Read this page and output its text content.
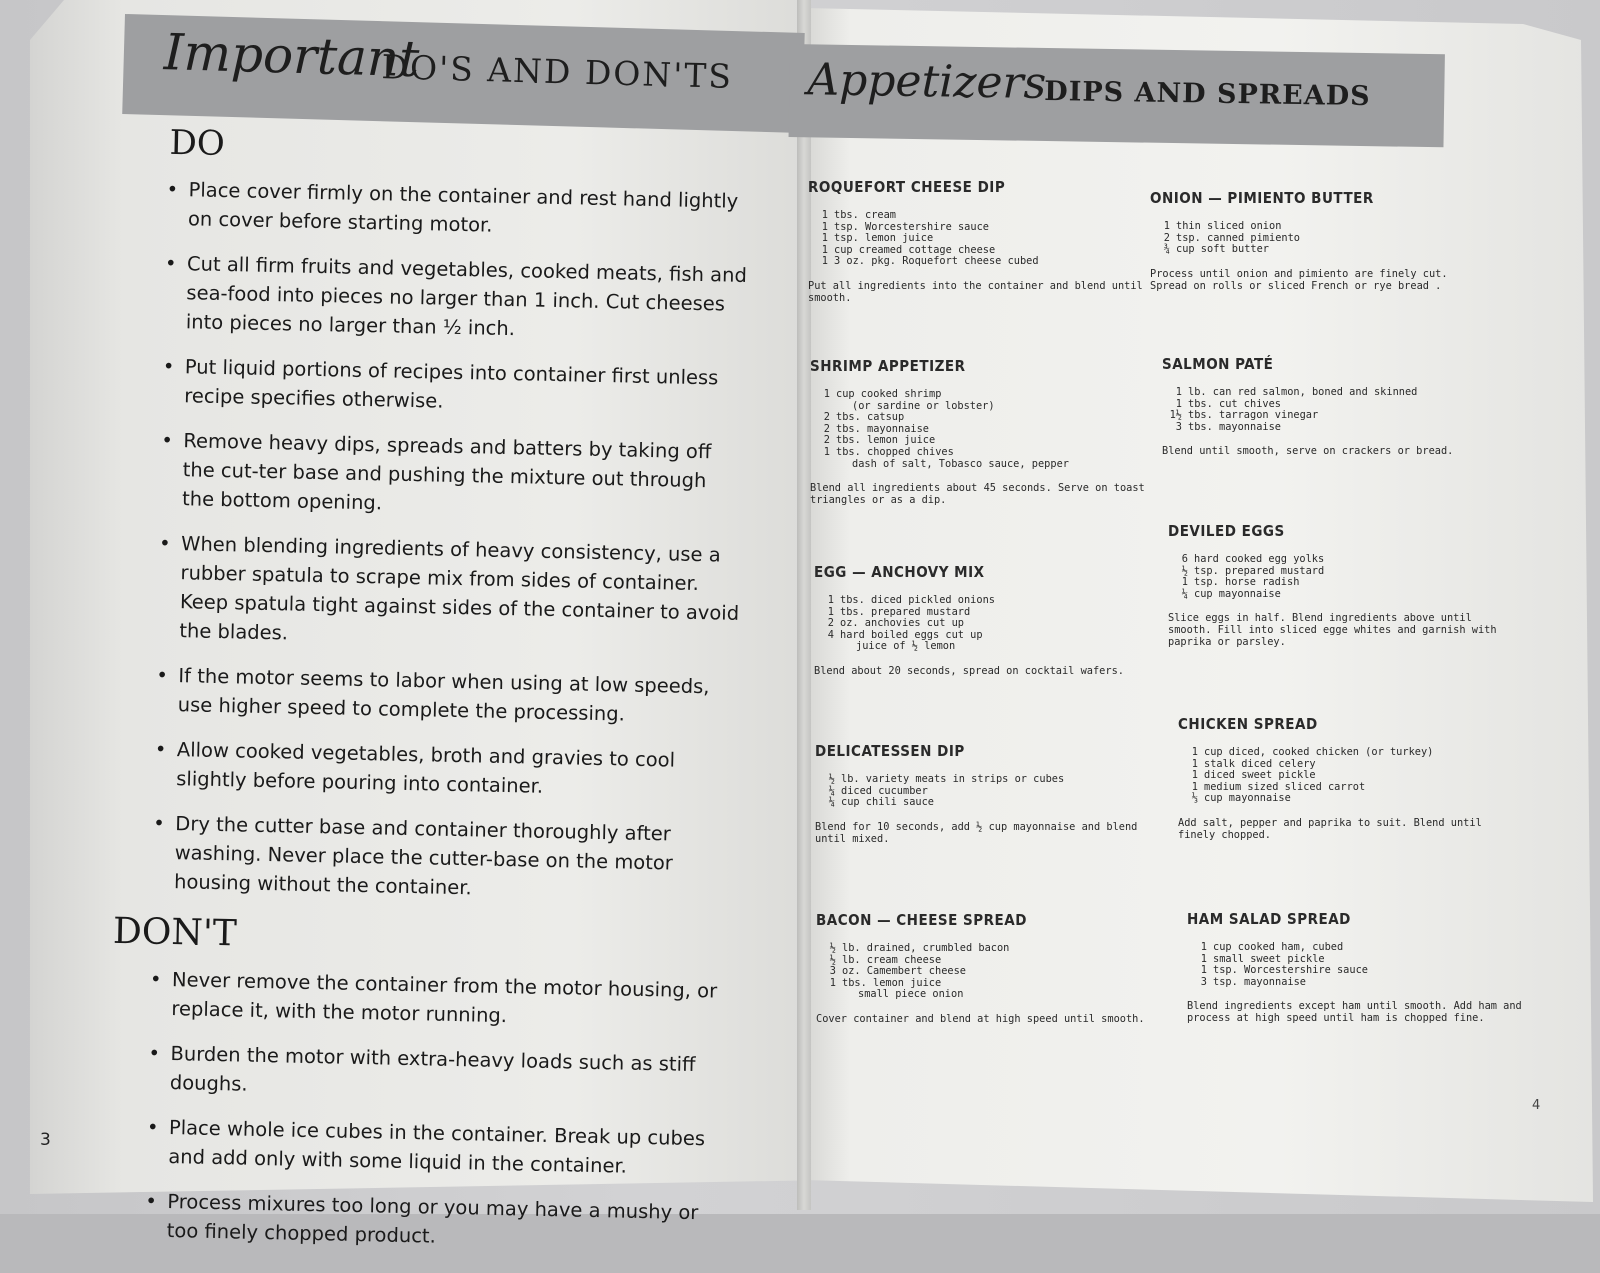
Important
DO'S AND DON'TS
DO
• Place cover firmly on the container and rest hand lightly on cover before starting motor.
• Cut all firm fruits and vegetables, cooked meats, fish and sea-food into pieces no larger than 1 inch. Cut cheeses into pieces no larger than ½ inch.
• Put liquid portions of recipes into container first unless recipe specifies otherwise.
• Remove heavy dips, spreads and batters by taking off the cut-ter base and pushing the mixture out through the bottom opening.
• When blending ingredients of heavy consistency, use a rubber spatula to scrape mix from sides of container. Keep spatula tight against sides of the container to avoid the blades.
• If the motor seems to labor when using at low speeds, use higher speed to complete the processing.
• Allow cooked vegetables, broth and gravies to cool slightly before pouring into container.
• Dry the cutter base and container thoroughly after washing. Never place the cutter-base on the motor housing without the container.
DON'T
• Never remove the container from the motor housing, or replace it, with the motor running.
• Burden the motor with extra-heavy loads such as stiff doughs.
• Place whole ice cubes in the container. Break up cubes and add only with some liquid in the container.
• Process mixures too long or you may have a mushy or too finely chopped product.
3
Appetizers
DIPS AND SPREADS
ROQUEFORT CHEESE DIP
1 tbs. cream
1 tsp. Worcestershire sauce
1 tsp. lemon juice
1 cup creamed cottage cheese
1 3 oz. pkg. Roquefort cheese cubed

Put all ingredients into the container and blend until smooth.

SHRIMP APPETIZER
1 cup cooked shrimp
(or sardine or lobster)
2 tbs. catsup
2 tbs. mayonnaise
2 tbs. lemon juice
1 tbs. chopped chives
dash of salt, Tobasco sauce, pepper

Blend all ingredients about 45 seconds. Serve on toast triangles or as a dip.

EGG — ANCHOVY MIX
1 tbs. diced pickled onions
1 tbs. prepared mustard
2 oz. anchovies cut up
4 hard boiled eggs cut up
juice of ½ lemon

Blend about 20 seconds, spread on cocktail wafers.

DELICATESSEN DIP
½ lb. variety meats in strips or cubes
¼ diced cucumber
¼ cup chili sauce

Blend for 10 seconds, add ½ cup mayonnaise and blend until mixed.

BACON — CHEESE SPREAD
½ lb. drained, crumbled bacon
½ lb. cream cheese
3 oz. Camembert cheese
1 tbs. lemon juice
small piece onion

Cover container and blend at high speed until smooth.

ONION — PIMIENTO BUTTER
1 thin sliced onion
2 tsp. canned pimiento
¾ cup soft butter

Process until onion and pimiento are finely cut. Spread on rolls or sliced French or rye bread .

SALMON PATÉ
1 lb. can red salmon, boned and skinned
1 tbs. cut chives
1½ tbs. tarragon vinegar
3 tbs. mayonnaise

Blend until smooth, serve on crackers or bread.

DEVILED EGGS
6 hard cooked egg yolks
½ tsp. prepared mustard
1 tsp. horse radish
¼ cup mayonnaise

Slice eggs in half. Blend ingredients above until smooth. Fill into sliced egge whites and garnish with paprika or parsley.

CHICKEN SPREAD
1 cup diced, cooked chicken (or turkey)
1 stalk diced celery
1 diced sweet pickle
1 medium sized sliced carrot
⅓ cup mayonnaise

Add salt, pepper and paprika to suit. Blend until finely chopped.

HAM SALAD SPREAD
1 cup cooked ham, cubed
1 small sweet pickle
1 tsp. Worcestershire sauce
3 tsp. mayonnaise

Blend ingredients except ham until smooth. Add ham and process at high speed until ham is chopped fine.

4
